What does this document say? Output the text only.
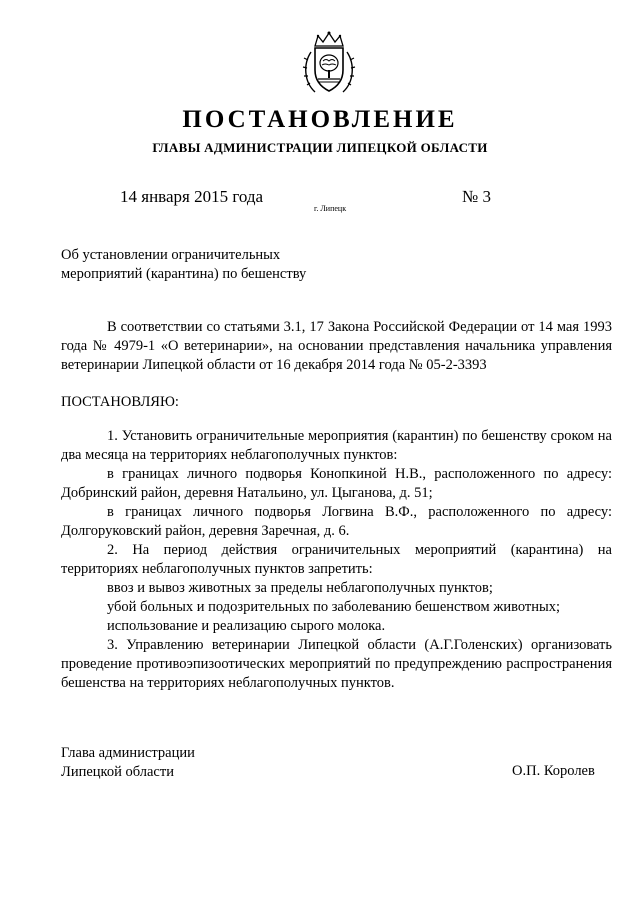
ПОСТАНОВЛЕНИЕ
ГЛАВЫ АДМИНИСТРАЦИИ ЛИПЕЦКОЙ ОБЛАСТИ
14 января 2015 года
г. Липецк
№ 3
Об установлении ограничительных
мероприятий (карантина) по бешенству

В соответствии со статьями 3.1, 17 Закона Российской Федерации от 14 мая 1993 года № 4979-1 «О ветеринарии», на основании представления начальника управления ветеринарии Липецкой области от 16 декабря 2014 года № 05-2-3393

ПОСТАНОВЛЯЮ:

1. Установить ограничительные мероприятия (карантин) по бешенству сроком на два месяца на территориях неблагополучных пунктов:

в границах личного подворья Конопкиной Н.В., расположенного по адресу: Добринский район, деревня Натальино, ул. Цыганова, д. 51;

в границах личного подворья Логвина В.Ф., расположенного по адресу: Долгоруковский район, деревня Заречная, д. 6.

2. На период действия ограничительных мероприятий (карантина) на территориях неблагополучных пунктов запретить:

ввоз и вывоз животных за пределы неблагополучных пунктов;

убой больных и подозрительных по заболеванию бешенством животных;

использование и реализацию сырого молока.

3. Управлению ветеринарии Липецкой области (А.Г.Голенских) организовать проведение противоэпизоотических мероприятий по предупреждению распространения бешенства на территориях неблагополучных пунктов.

Глава администрации
Липецкой области	О.П. Королев
